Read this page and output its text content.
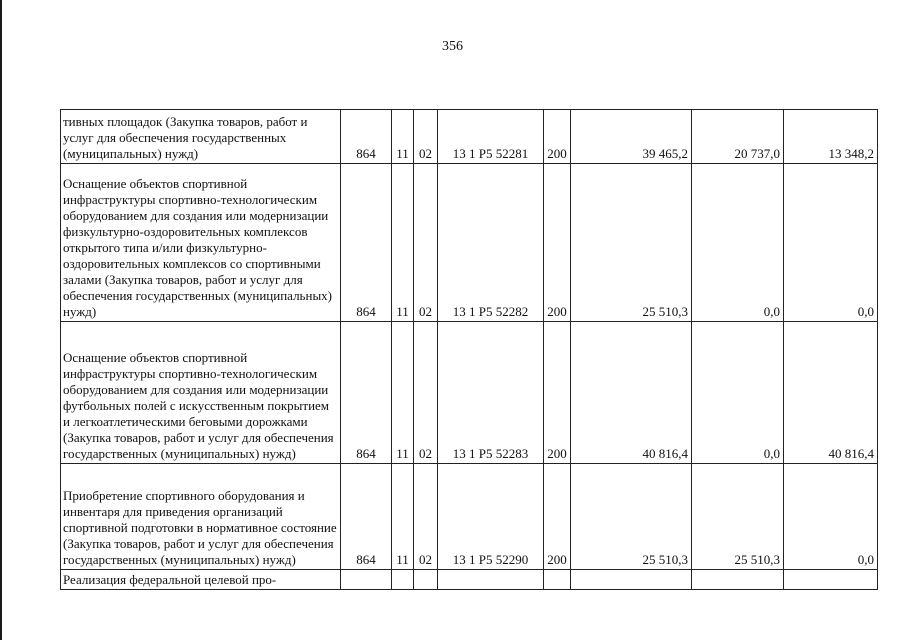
356
тивных площадок (Закупка товаров, работ и услуг для обеспечения государственных (муниципальных) нужд)	864	11	02	13 1 Р5 52281	200	39 465,2	20 737,0	13 348,2
Оснащение объектов спортивной инфраструктуры спортивно-технологическим оборудованием для создания или модернизации физкультурно-оздоровительных комплексов открытого типа и/или физкультурно-оздоровительных комплексов со спортивными залами (Закупка товаров, работ и услуг для обеспечения государственных (муниципальных) нужд)	864	11	02	13 1 Р5 52282	200	25 510,3	0,0	0,0
Оснащение объектов спортивной инфраструктуры спортивно-технологическим оборудованием для создания или модернизации футбольных полей с искусственным покрытием и легкоатлетическими беговыми дорожками (Закупка товаров, работ и услуг для обеспечения государственных (муниципальных) нужд)	864	11	02	13 1 Р5 52283	200	40 816,4	0,0	40 816,4
Приобретение спортивного оборудования и инвентаря для приведения организаций спортивной подготовки в нормативное состояние (Закупка товаров, работ и услуг для обеспечения государственных (муниципальных) нужд)	864	11	02	13 1 Р5 52290	200	25 510,3	25 510,3	0,0
Реализация федеральной целевой про-								
